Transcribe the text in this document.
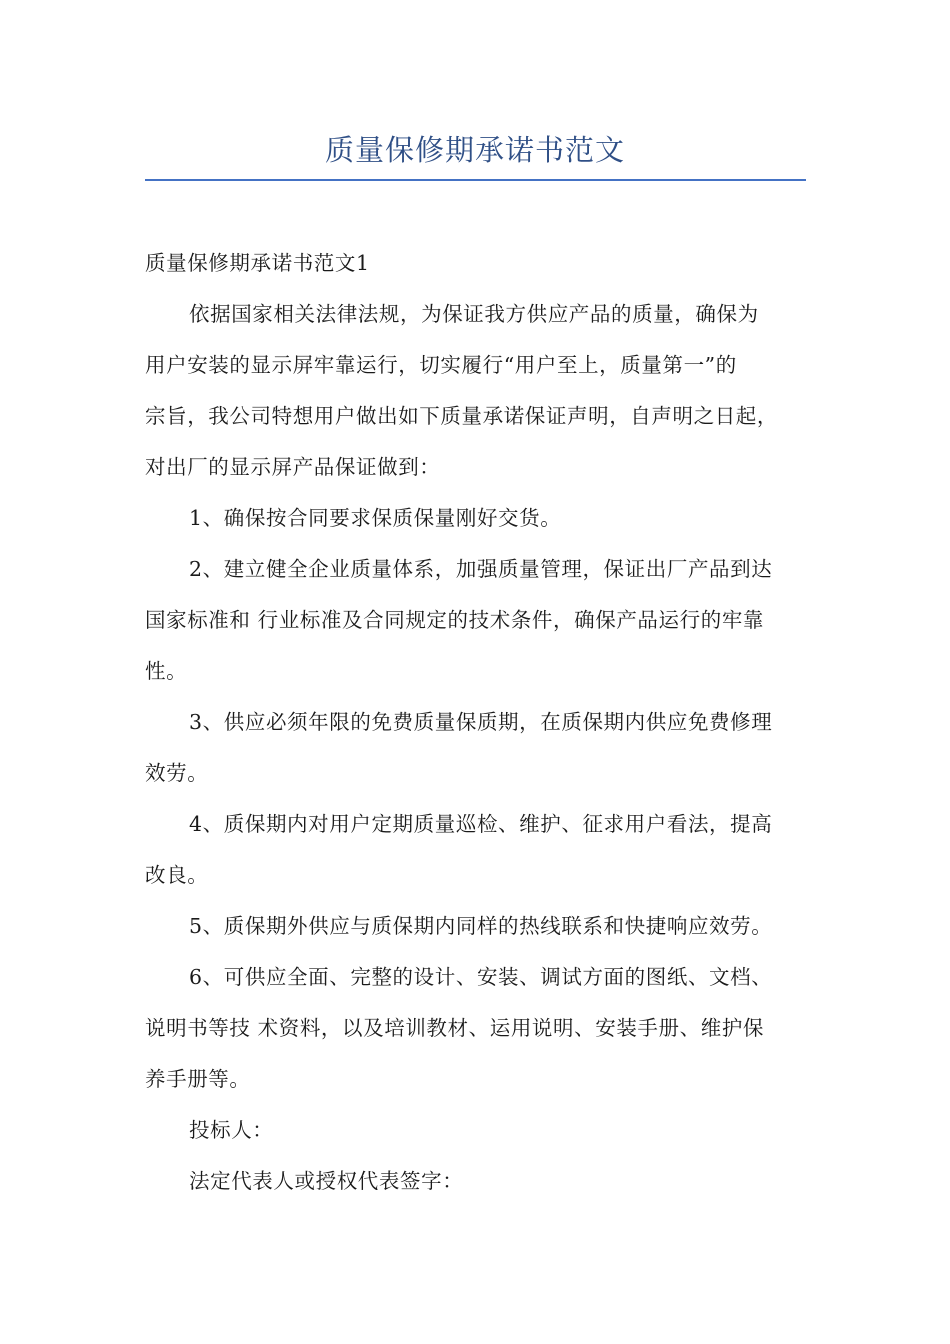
质量保修期承诺书范文

质量保修期承诺书范文1

依据国家相关法律法规，为保证我方供应产品的质量，确保为
用户安装的显示屏牢靠运行，切实履行“用户至上，质量第一”的
宗旨，我公司特想用户做出如下质量承诺保证声明，自声明之日起，
对出厂的显示屏产品保证做到：

1、确保按合同要求保质保量刚好交货。

2、建立健全企业质量体系，加强质量管理，保证出厂产品到达
国家标准和 行业标准及合同规定的技术条件，确保产品运行的牢靠
性。

3、供应必须年限的免费质量保质期，在质保期内供应免费修理
效劳。

4、质保期内对用户定期质量巡检、维护、征求用户看法，提高
改良。

5、质保期外供应与质保期内同样的热线联系和快捷响应效劳。

6、可供应全面、完整的设计、安装、调试方面的图纸、文档、
说明书等技 术资料，以及培训教材、运用说明、安装手册、维护保
养手册等。

投标人：

法定代表人或授权代表签字：
